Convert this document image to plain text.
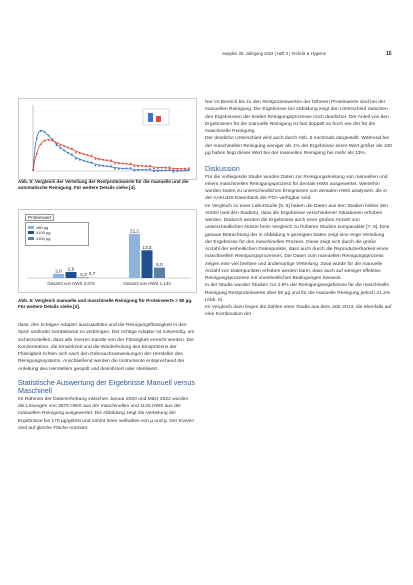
zwapfes 30. Jahrgang 2024 | Heft 3 | Technik & Hygiene	15
Abb. 5: Vergleich der Verteilung der Restproteinwerte für die manuelle und die automatische Reinigung. Für weitere Details siehe [4].
2,0 2,9
0,3
Gesamt von HWS 3.675
21,2
13,3
5,0
Gesamt von HWS 1.133
0,7
Proteinwert
≥80 µg
≥100 µg
≥150 µg
Abb. 6: Vergleich manuelle und maschinelle Reinigung für Proteinwerte > 80 µg. Für weitere Details siehe [4].

dass, den richtigen Adapter auszuwählen und die Reinigungsflüssigkeit in den Spül- und/oder Gerätekanal zu verbringen. Der richtige Adapter ist notwendig, um sicherzustellen, dass alle inneren Kanäle von der Flüssigkeit erreicht werden. Die Konzentration, die Einwirkzeit und die Wiederholung des Einspritzens der Flüssigkeit richten sich nach den Gebrauchsanweisungen der Hersteller des Reinigungssystems. Anschließend werden die Instrumente entsprechend der Anleitung des Herstellers gespült und desinfiziert oder sterilisiert.

Statistische Auswertung der Ergebnisse Manuell versus Maschinell

Im Rahmen der Datenerhebung zwischen Januar 2020 und März 2022 wurden die Lösungen von 3675 HWS aus der maschinellen und 1133 HWS aus der manuellen Reinigung ausgewertet. Die Abbildung zeigt die Verteilung der Ergebnisse bis 170 µg/gelöst und nimmt Inner wollwiltes von µ und g. Der Kurven sind auf gleiche Fläche normiert.

Nur im Bereich bis zu den Restproteinwerten der höheren Proteinwerte sind bei der manuellen Reinigung. Die Ergebnisse bei Abbildung zeigt den Unterschied zwischen den Ergebnissen der beiden Reinigungsprozesse noch deutlicher. Der Anteil von den Ergebnissen für die manuelle Reinigung ist fast doppelt so hoch wie der für die maschinelle Reinigung.

Der deutliche Unterschied wird auch durch Abb. 6 nochmals dargestellt. Während bei der maschinellen Reinigung weniger als 1% der Ergebnisse einen Wert größer als 100 µg haben liegt dieser Wert bei der manuellen Reinigung bei mehr als 13%.

Diskussion

Für die vorliegende Studie wurden Daten zur Reinigungsleistung von manuellen und einem maschinellen Reinigungsprozess für dentale HWS ausgewertet. Weiterhin wurden Daten zu unterschiedlichen Ereignissen von dentalen HWS analysiert, die in der AAKUDS-Datenbank der FDA verfügbar sind.

Im Vergleich zu einer Laborstudie [5, 6] haben die Daten aus den Studien bisher den Vorteil (seit den Studien), dass die Ergebnisse verschiedener Situationen erhoben werden. Dadurch werden die Ergebnisse auch einer großen Anzahl von unterschiedlichen Nutzer beim Vergleich zu früheren Studien komparabler [7, 8]. Eine genaue Betrachtung der in Abbildung 5 gezeigten Daten zeigt eine enge Verteilung der Ergebnisse für den maschinellen Prozess. Diese zeigt sich durch die große Anzahl der einheitlichen Datenpunkte, dass auch durch die Reproduzierbarkeit eines maschinellen Reinigungsprozesses. Die Daten zum manuellen Reinigungsprozess zeigen eine viel breitere und andersartige Verteilung. Zwar wurde für die manuelle Anzahl von Datenpunkten erhoben werden kann, dass auch auf weniger effektive Reinigungsprozesse mit uneinheitlichen Bedingungen hinweist.

In der Studie wurden Studien zur 2,9% der Reinigungsergebnisse für die maschinelle Reinigung Restproteinwerte über 80 µg und für die manuelle Reinigung jedoch 21,2% (Abb. 6).

Im Vergleich dazu liegen die Zahlen einer Studie aus dem Jahr 2013, die ebenfalls auf eine Kombination der
